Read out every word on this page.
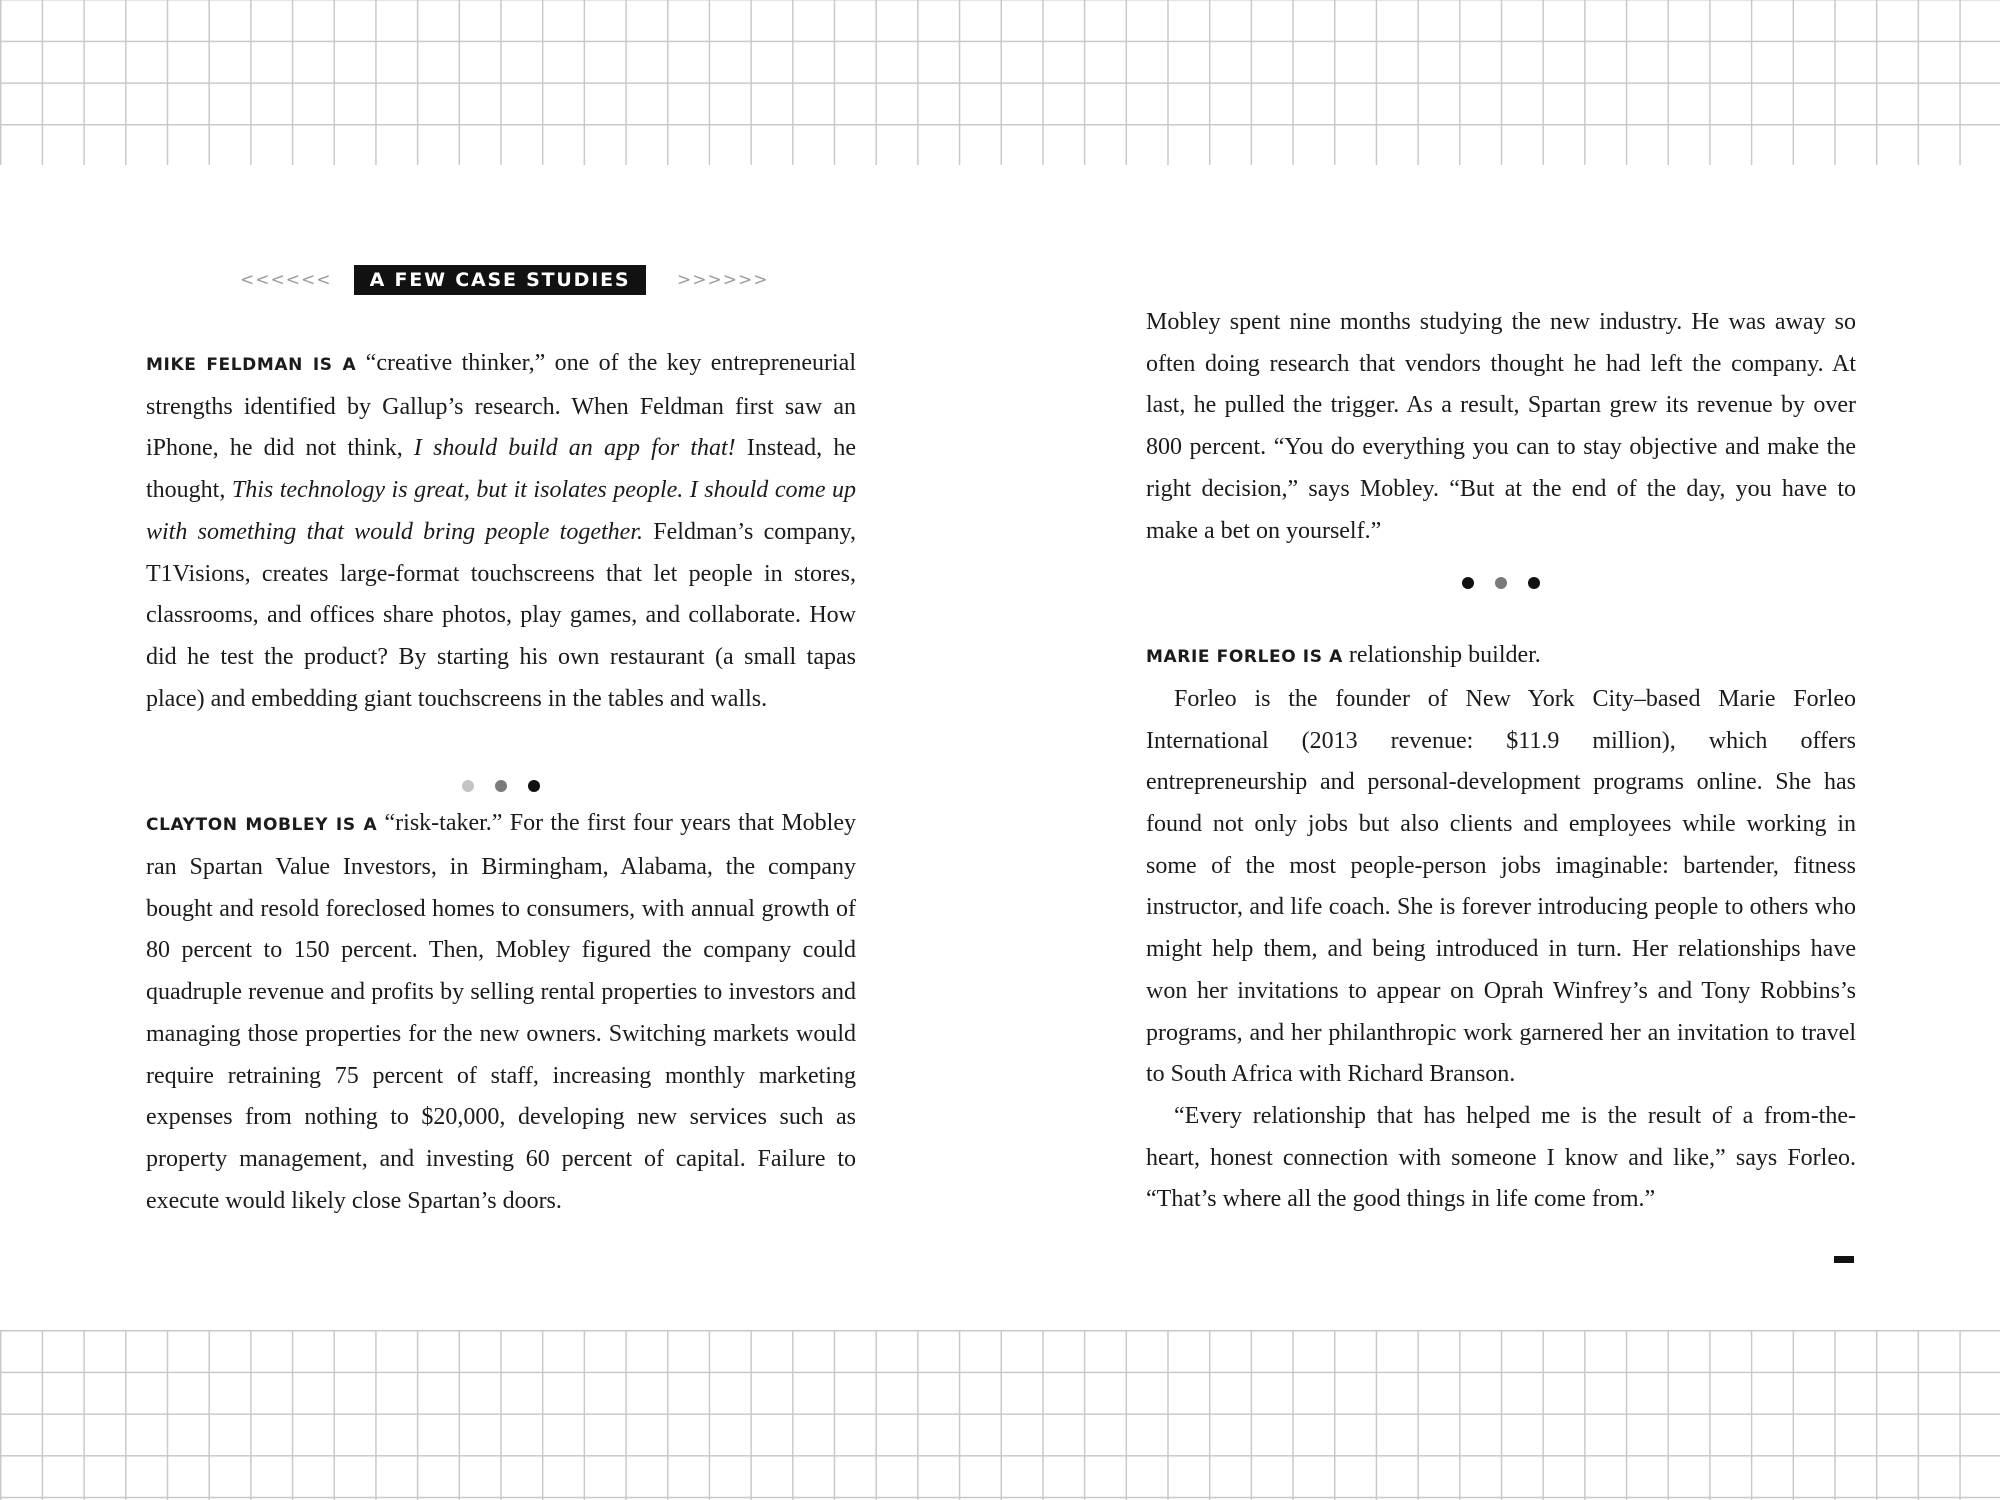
<<<<<<	A FEW CASE STUDIES	>>>>>>

MIKE FELDMAN IS A “creative thinker,” one of the key entrepreneurial strengths identified by Gallup’s research. When Feldman first saw an iPhone, he did not think, I should build an app for that! Instead, he thought, This technology is great, but it isolates people. I should come up with something that would bring people together. Feldman’s company, T1Visions, creates large-format touchscreens that let people in stores, classrooms, and offices share photos, play games, and collaborate. How did he test the product? By starting his own restaurant (a small tapas place) and embedding giant touchscreens in the tables and walls.

CLAYTON MOBLEY IS A “risk-taker.” For the first four years that Mobley ran Spartan Value Investors, in Birmingham, Alabama, the company bought and resold foreclosed homes to consumers, with annual growth of 80 percent to 150 percent. Then, Mobley figured the company could quadruple revenue and profits by selling rental properties to investors and managing those properties for the new owners. Switching markets would require retraining 75 percent of staff, increasing monthly marketing expenses from nothing to $20,000, developing new services such as property management, and investing 60 percent of capital. Failure to execute would likely close Spartan’s doors.

Mobley spent nine months studying the new industry. He was away so often doing research that vendors thought he had left the company. At last, he pulled the trigger. As a result, Spartan grew its revenue by over 800 percent. “You do everything you can to stay objective and make the right decision,” says Mobley. “But at the end of the day, you have to make a bet on yourself.”

MARIE FORLEO IS A relationship builder.

Forleo is the founder of New York City–based Marie Forleo International (2013 revenue: $11.9 million), which offers entrepreneurship and personal-development programs online. She has found not only jobs but also clients and employees while working in some of the most people-person jobs imaginable: bartender, fitness instructor, and life coach. She is forever introducing people to others who might help them, and being introduced in turn. Her relationships have won her invitations to appear on Oprah Winfrey’s and Tony Robbins’s programs, and her philanthropic work garnered her an invitation to travel to South Africa with Richard Branson.

“Every relationship that has helped me is the result of a from-the-heart, honest connection with someone I know and like,” says Forleo. “That’s where all the good things in life come from.”
